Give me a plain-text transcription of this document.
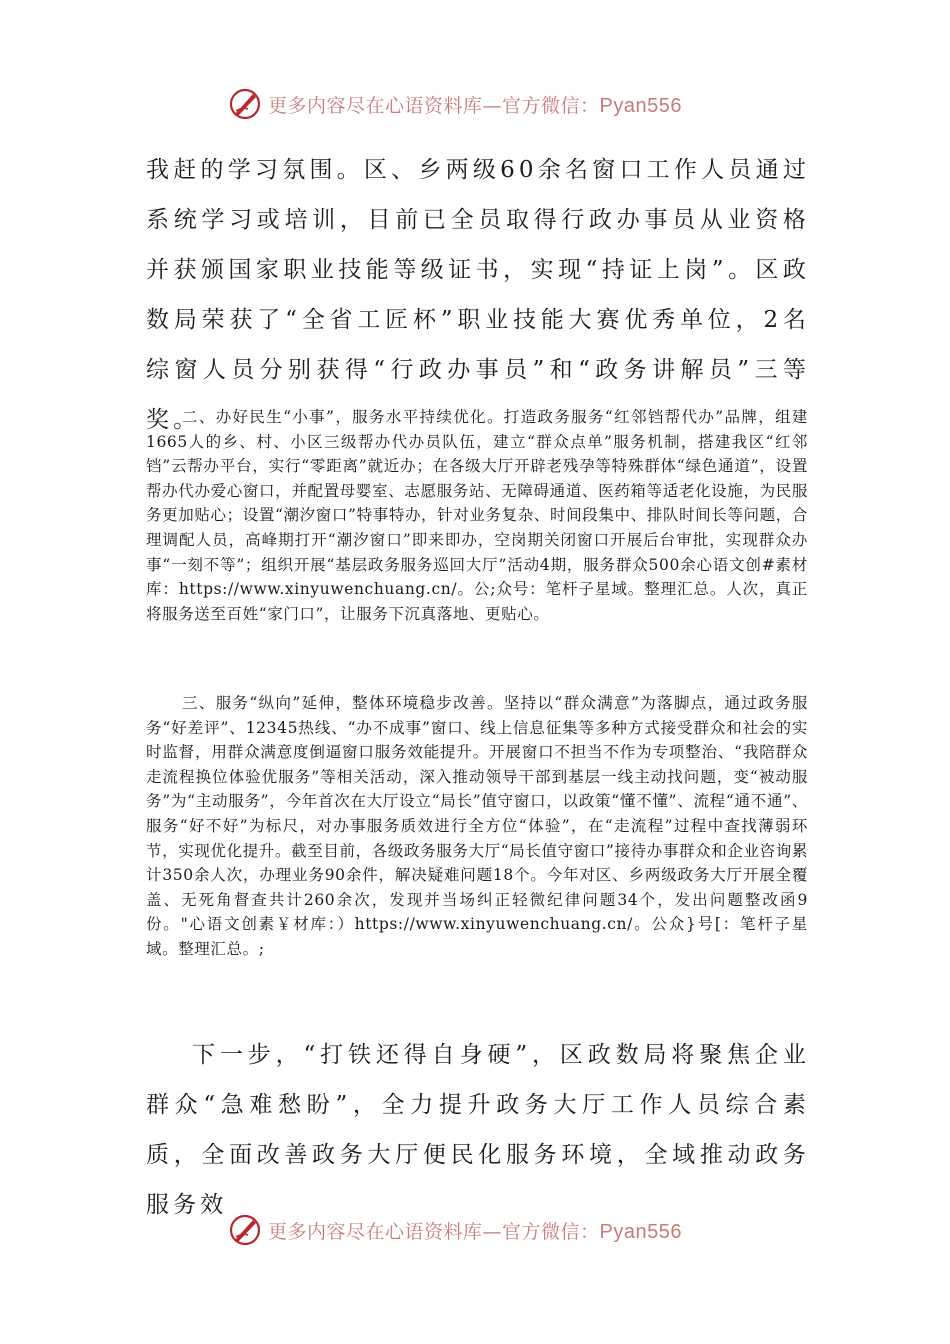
更多内容尽在心语资料库—官方微信：Pyan556

我赶的学习氛围。区、乡两级60余名窗口工作人员通过系统学习或培训，目前已全员取得行政办事员从业资格并获颁国家职业技能等级证书，实现“持证上岗”。区政数局荣获了“全省工匠杯”职业技能大赛优秀单位，2名综窗人员分别获得“行政办事员”和“政务讲解员”三等奖。

二、办好民生“小事”，服务水平持续优化。打造政务服务“红邻铛帮代办”品牌，组建1665人的乡、村、小区三级帮办代办员队伍，建立“群众点单”服务机制，搭建我区“红邻铛”云帮办平台，实行“零距离”就近办；在各级大厅开辟老残孕等特殊群体“绿色通道”，设置帮办代办爱心窗口，并配置母婴室、志愿服务站、无障碍通道、医药箱等适老化设施，为民服务更加贴心；设置“潮汐窗口”特事特办，针对业务复杂、时间段集中、排队时间长等问题，合理调配人员，高峰期打开“潮汐窗口”即来即办，空岗期关闭窗口开展后台审批，实现群众办事“一刻不等”；组织开展“基层政务服务巡回大厅”活动4期，服务群众500余心语文创#素材库：https://www.xinyuwenchuang.cn/。公;众号：笔杆子星域。整理汇总。人次，真正将服务送至百姓“家门口”，让服务下沉真落地、更贴心。

三、服务“纵向”延伸，整体环境稳步改善。坚持以“群众满意”为落脚点，通过政务服务“好差评”、12345热线、“办不成事”窗口、线上信息征集等多种方式接受群众和社会的实时监督，用群众满意度倒逼窗口服务效能提升。开展窗口不担当不作为专项整治、“我陪群众走流程换位体验优服务”等相关活动，深入推动领导干部到基层一线主动找问题，变“被动服务”为“主动服务”，今年首次在大厅设立“局长”值守窗口，以政策“懂不懂”、流程“通不通”、服务“好不好”为标尺，对办事服务质效进行全方位“体验”，在“走流程”过程中查找薄弱环节，实现优化提升。截至目前，各级政务服务大厅“局长值守窗口”接待办事群众和企业咨询累计350余人次，办理业务90余件，解决疑难问题18个。今年对区、乡两级政务大厅开展全覆盖、无死角督查共计260余次，发现并当场纠正轻微纪律问题34个，发出问题整改函9份。"心语文创素￥材库：）https://www.xinyuwenchuang.cn/。公众}号[：笔杆子星域。整理汇总。;

下一步，“打铁还得自身硬”，区政数局将聚焦企业群众“急难愁盼”，全力提升政务大厅工作人员综合素质，全面改善政务大厅便民化服务环境，全域推动政务服务效

更多内容尽在心语资料库—官方微信：Pyan556
